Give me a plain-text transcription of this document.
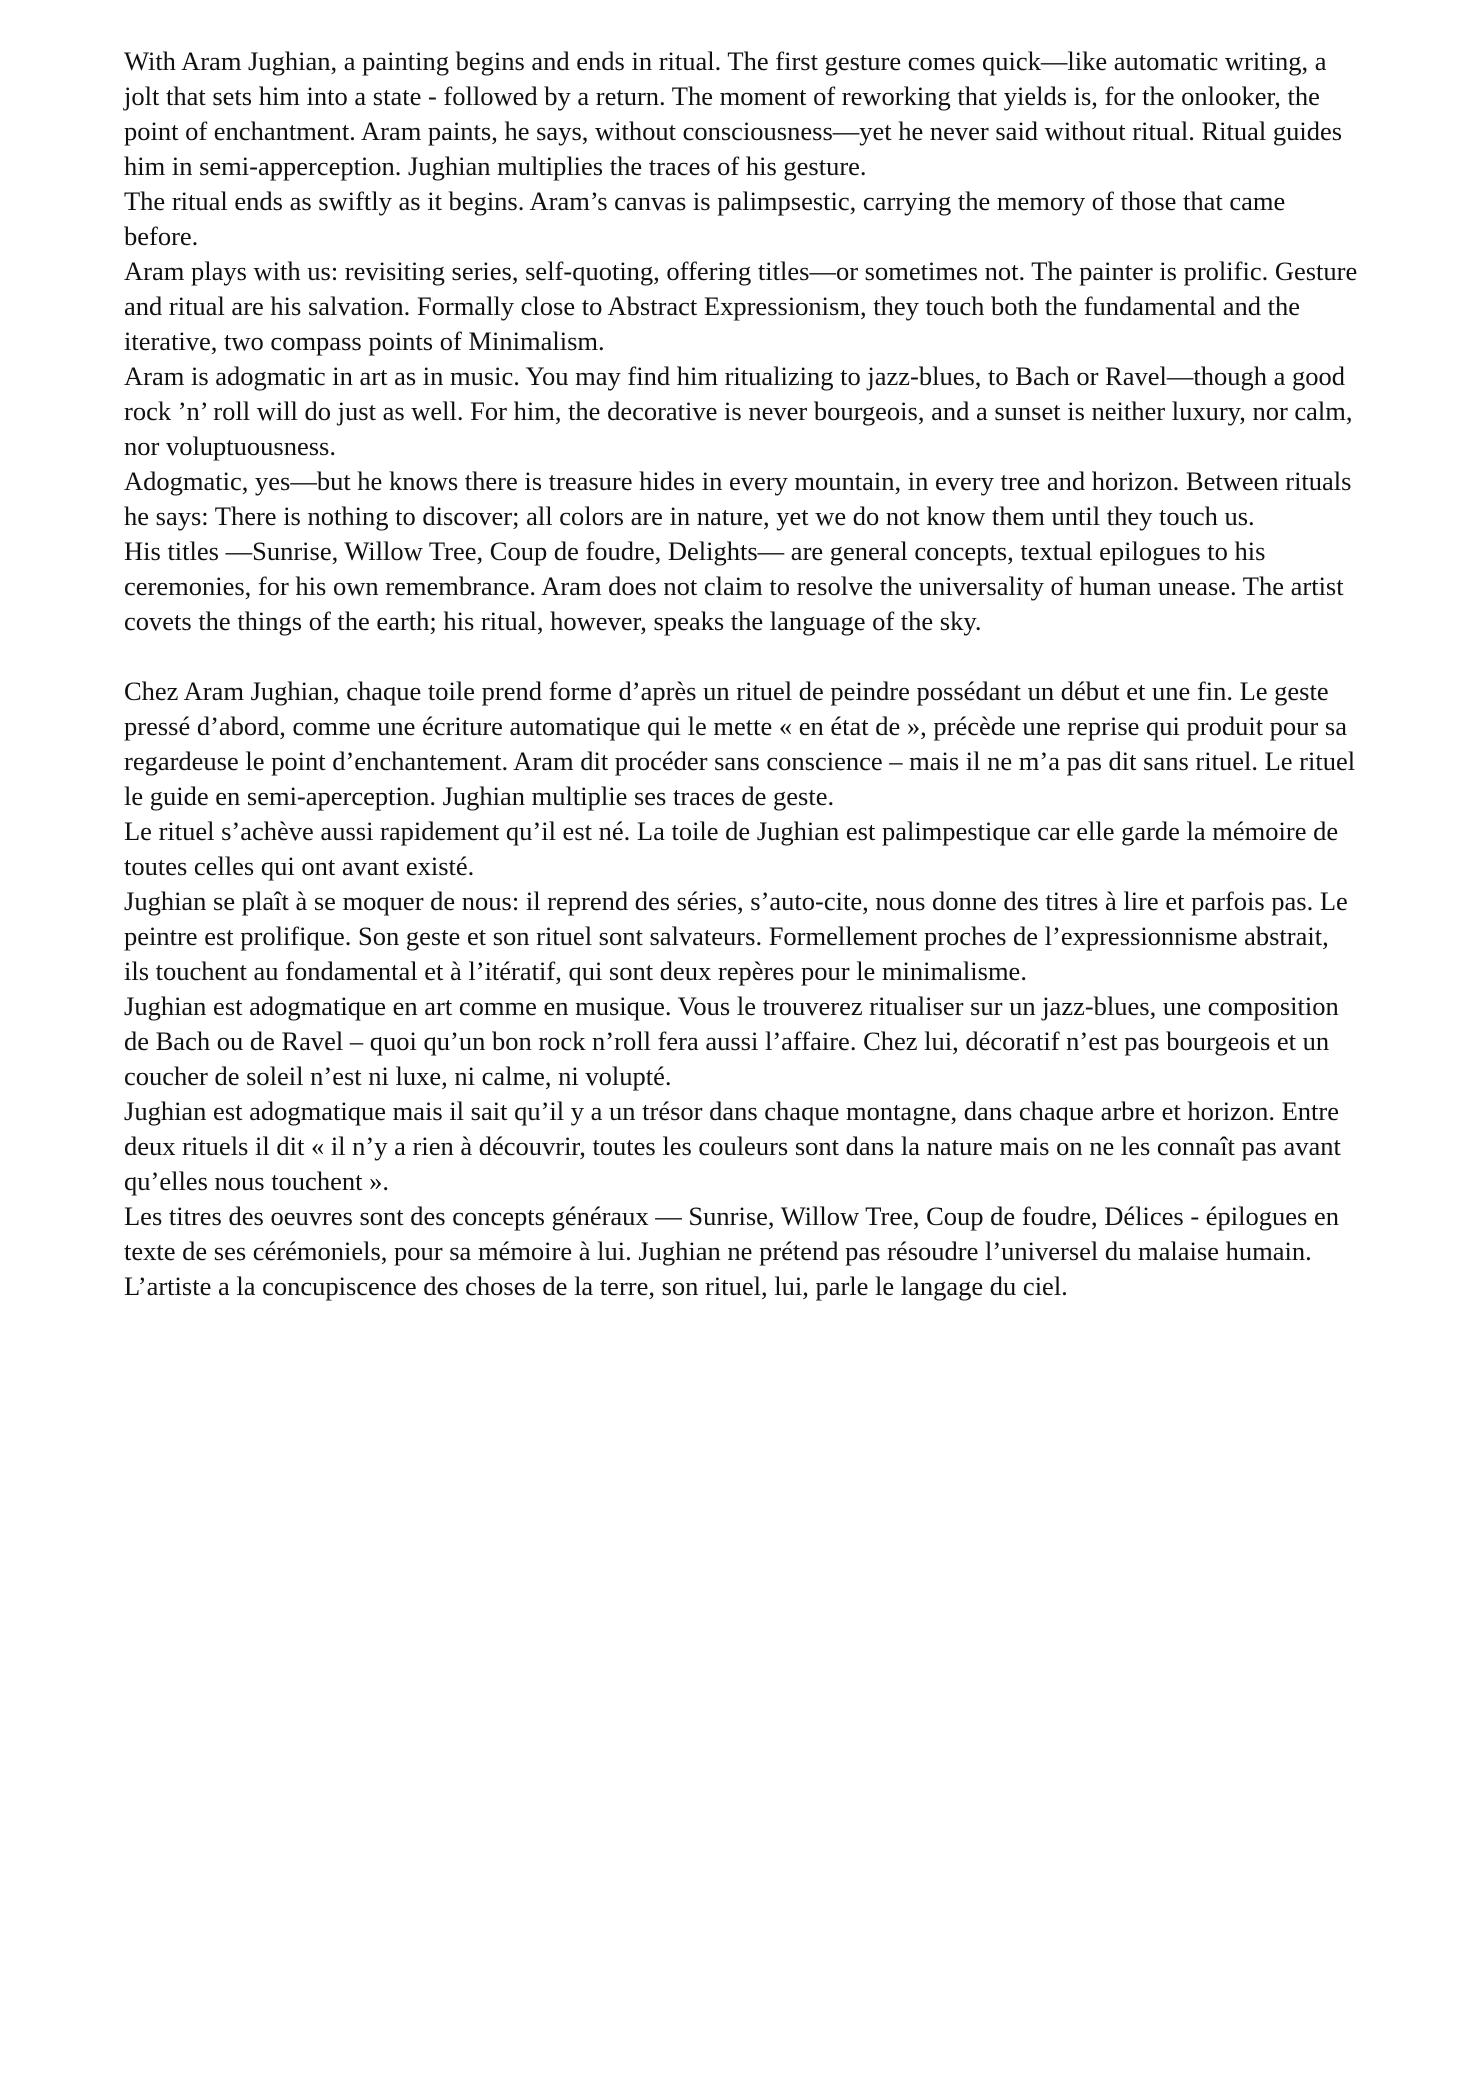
With Aram Jughian, a painting begins and ends in ritual. The first gesture comes quick—like automatic writing, a jolt that sets him into a state - followed by a return. The moment of reworking that yields is, for the onlooker, the point of enchantment. Aram paints, he says, without consciousness—yet he never said without ritual. Ritual guides him in semi-apperception. Jughian multiplies the traces of his gesture.

The ritual ends as swiftly as it begins. Aram’s canvas is palimpsestic, carrying the memory of those that came before.

Aram plays with us: revisiting series, self-quoting, offering titles—or sometimes not. The painter is prolific. Gesture and ritual are his salvation. Formally close to Abstract Expressionism, they touch both the fundamental and the iterative, two compass points of Minimalism.

Aram is adogmatic in art as in music. You may find him ritualizing to jazz-blues, to Bach or Ravel—though a good rock ’n’ roll will do just as well. For him, the decorative is never bourgeois, and a sunset is neither luxury, nor calm, nor voluptuousness.

Adogmatic, yes—but he knows there is treasure hides in every mountain, in every tree and horizon. Between rituals he says: There is nothing to discover; all colors are in nature, yet we do not know them until they touch us.

His titles —Sunrise, Willow Tree, Coup de foudre, Delights— are general concepts, textual epilogues to his ceremonies, for his own remembrance. Aram does not claim to resolve the universality of human unease. The artist covets the things of the earth; his ritual, however, speaks the language of the sky.

Chez Aram Jughian, chaque toile prend forme d’après un rituel de peindre possédant un début et une fin. Le geste pressé d’abord, comme une écriture automatique qui le mette « en état de », précède une reprise qui produit pour sa regardeuse le point d’enchantement. Aram dit procéder sans conscience – mais il ne m’a pas dit sans rituel. Le rituel le guide en semi-aperception. Jughian multiplie ses traces de geste.

Le rituel s’achève aussi rapidement qu’il est né. La toile de Jughian est palimpestique car elle garde la mémoire de toutes celles qui ont avant existé.

Jughian se plaît à se moquer de nous: il reprend des séries, s’auto-cite, nous donne des titres à lire et parfois pas. Le peintre est prolifique. Son geste et son rituel sont salvateurs. Formellement proches de l’expressionnisme abstrait, ils touchent au fondamental et à l’itératif, qui sont deux repères pour le minimalisme.

Jughian est adogmatique en art comme en musique. Vous le trouverez ritualiser sur un jazz-blues, une composition de Bach ou de Ravel – quoi qu’un bon rock n’roll fera aussi l’affaire. Chez lui, décoratif n’est pas bourgeois et un coucher de soleil n’est ni luxe, ni calme, ni volupté.

Jughian est adogmatique mais il sait qu’il y a un trésor dans chaque montagne, dans chaque arbre et horizon. Entre deux rituels il dit « il n’y a rien à découvrir, toutes les couleurs sont dans la nature mais on ne les connaît pas avant qu’elles nous touchent ».

Les titres des oeuvres sont des concepts généraux — Sunrise, Willow Tree, Coup de foudre, Délices - épilogues en texte de ses cérémoniels, pour sa mémoire à lui. Jughian ne prétend pas résoudre l’universel du malaise humain. L’artiste a la concupiscence des choses de la terre, son rituel, lui, parle le langage du ciel.
